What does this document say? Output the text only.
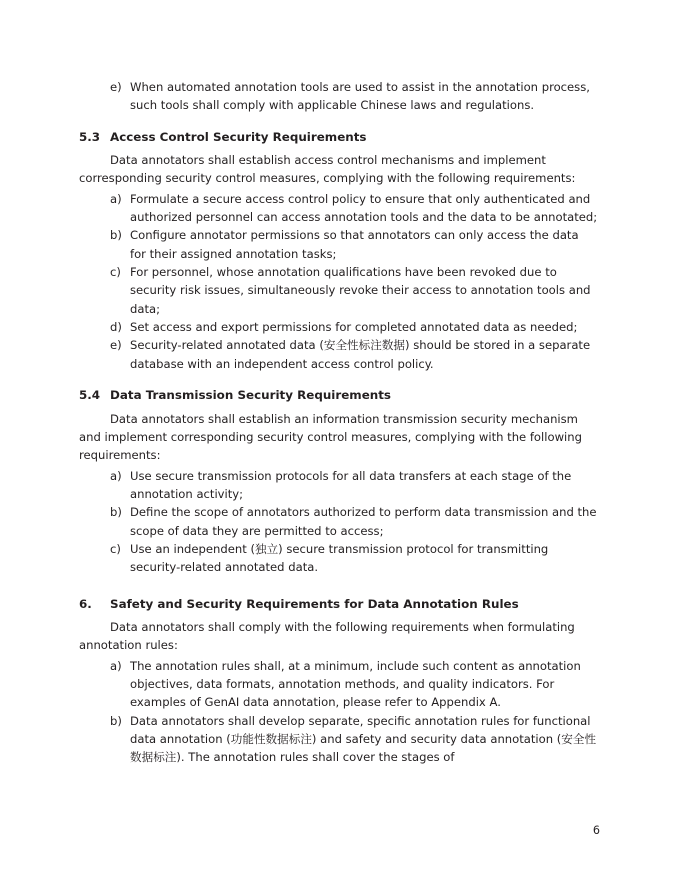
e) When automated annotation tools are used to assist in the annotation process, such tools shall comply with applicable Chinese laws and regulations.
5.3 Access Control Security Requirements

Data annotators shall establish access control mechanisms and implement corresponding security control measures, complying with the following requirements:

a) Formulate a secure access control policy to ensure that only authenticated and authorized personnel can access annotation tools and the data to be annotated;
b) Configure annotator permissions so that annotators can only access the data for their assigned annotation tasks;
c) For personnel, whose annotation qualifications have been revoked due to security risk issues, simultaneously revoke their access to annotation tools and data;
d) Set access and export permissions for completed annotated data as needed;
e) Security-related annotated data (安全性标注数据) should be stored in a separate database with an independent access control policy.
5.4 Data Transmission Security Requirements

Data annotators shall establish an information transmission security mechanism and implement corresponding security control measures, complying with the following requirements:

a) Use secure transmission protocols for all data transfers at each stage of the annotation activity;
b) Define the scope of annotators authorized to perform data transmission and the scope of data they are permitted to access;
c) Use an independent (独立) secure transmission protocol for transmitting security-related annotated data.
6. Safety and Security Requirements for Data Annotation Rules

Data annotators shall comply with the following requirements when formulating annotation rules:

a) The annotation rules shall, at a minimum, include such content as annotation objectives, data formats, annotation methods, and quality indicators. For examples of GenAI data annotation, please refer to Appendix A.
b) Data annotators shall develop separate, specific annotation rules for functional data annotation (功能性数据标注) and safety and security data annotation (安全性数据标注). The annotation rules shall cover the stages of
6
